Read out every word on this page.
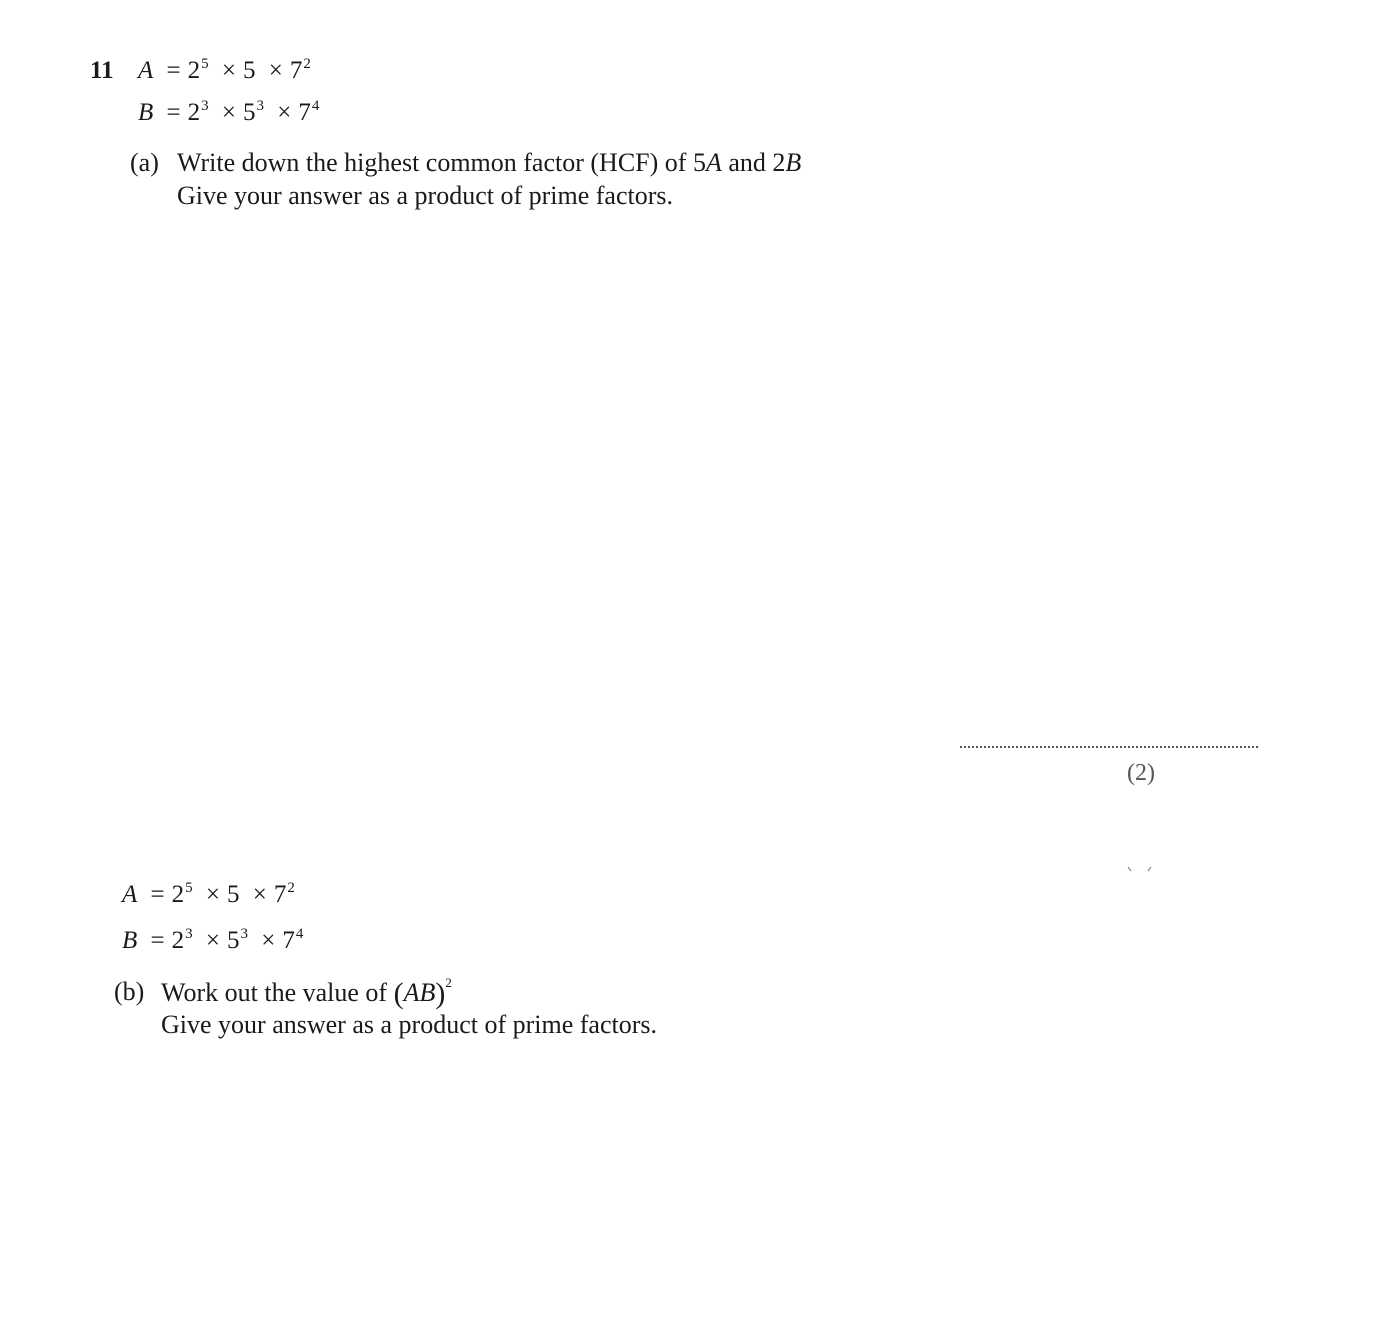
11 $A = 2^5 \times 5 \times 7^2$
$B = 2^3 \times 5^3 \times 7^4$
(a) Write down the highest common factor (HCF) of 5A and 2B
Give your answer as a product of prime factors.
(2)
$A = 2^5 \times 5 \times 7^2$
$B = 2^3 \times 5^3 \times 7^4$
(b) Work out the value of (AB)$^2$
Give your answer as a product of prime factors.
